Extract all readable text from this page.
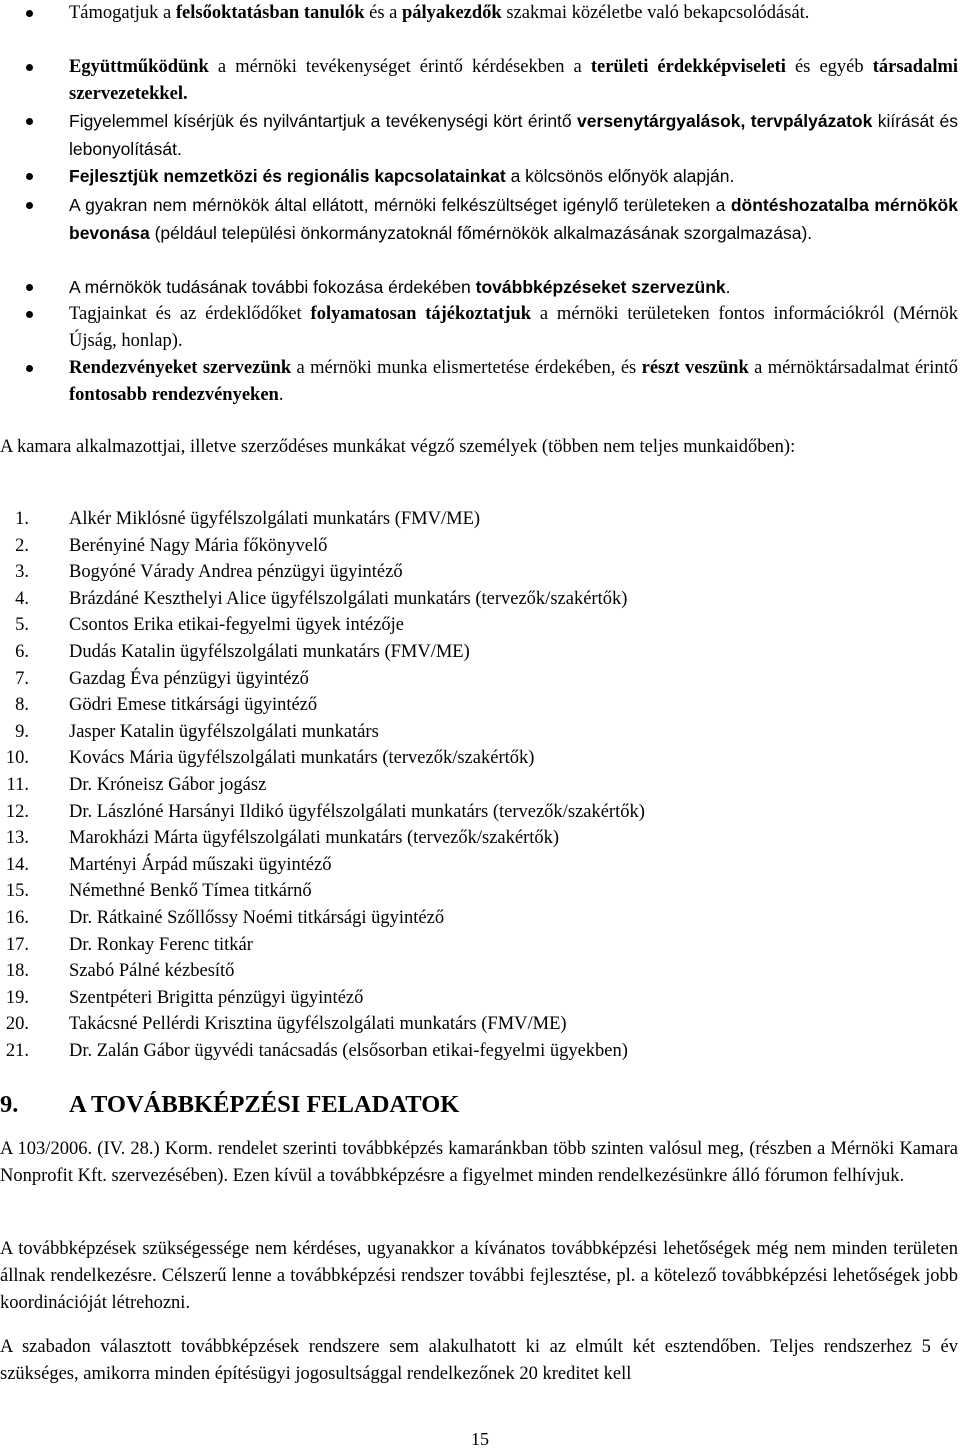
Támogatjuk a felsőoktatásban tanulók és a pályakezdők szakmai közéletbe való bekapcsolódását.
Együttműködünk a mérnöki tevékenységet érintő kérdésekben a területi érdekképviseleti és egyéb társadalmi szervezetekkel.
Figyelemmel kísérjük és nyilvántartjuk a tevékenységi kört érintő versenytárgyalások, tervpályázatok kiírását és lebonyolítását.
Fejlesztjük nemzetközi és regionális kapcsolatainkat a kölcsönös előnyök alapján.
A gyakran nem mérnökök által ellátott, mérnöki felkészültséget igénylő területeken a döntéshozatalba mérnökök bevonása (például települési önkormányzatoknál főmérnökök alkalmazásának szorgalmazása).
A mérnökök tudásának további fokozása érdekében továbbképzéseket szervezünk.
Tagjainkat és az érdeklődőket folyamatosan tájékoztatjuk a mérnöki területeken fontos információkról (Mérnök Újság, honlap).
Rendezvényeket szervezünk a mérnöki munka elismertetése érdekében, és részt veszünk a mérnöktársadalmat érintő fontosabb rendezvényeken.

A kamara alkalmazottjai, illetve szerződéses munkákat végző személyek (többen nem teljes munkaidőben):

1. Alkér Miklósné ügyfélszolgálati munkatárs (FMV/ME)
2. Berényiné Nagy Mária főkönyvelő
3. Bogyóné Várady Andrea pénzügyi ügyintéző
4. Brázdáné Keszthelyi Alice ügyfélszolgálati munkatárs (tervezők/szakértők)
5. Csontos Erika etikai-fegyelmi ügyek intézője
6. Dudás Katalin ügyfélszolgálati munkatárs (FMV/ME)
7. Gazdag Éva pénzügyi ügyintéző
8. Gödri Emese titkársági ügyintéző
9. Jasper Katalin ügyfélszolgálati munkatárs
10. Kovács Mária ügyfélszolgálati munkatárs (tervezők/szakértők)
11. Dr. Króneisz Gábor jogász
12. Dr. Lászlóné Harsányi Ildikó ügyfélszolgálati munkatárs (tervezők/szakértők)
13. Marokházi Márta ügyfélszolgálati munkatárs (tervezők/szakértők)
14. Martényi Árpád műszaki ügyintéző
15. Némethné Benkő Tímea titkárnő
16. Dr. Rátkainé Szőllőssy Noémi titkársági ügyintéző
17. Dr. Ronkay Ferenc titkár
18. Szabó Pálné kézbesítő
19. Szentpéteri Brigitta pénzügyi ügyintéző
20. Takácsné Pellérdi Krisztina ügyfélszolgálati munkatárs (FMV/ME)
21. Dr. Zalán Gábor ügyvédi tanácsadás (elsősorban etikai-fegyelmi ügyekben)
9. A TOVÁBBKÉPZÉSI FELADATOK

A 103/2006. (IV. 28.) Korm. rendelet szerinti továbbképzés kamaránkban több szinten valósul meg, (részben a Mérnöki Kamara Nonprofit Kft. szervezésében). Ezen kívül a továbbképzésre a figyelmet minden rendelkezésünkre álló fórumon felhívjuk.

A továbbképzések szükségessége nem kérdéses, ugyanakkor a kívánatos továbbképzési lehetőségek még nem minden területen állnak rendelkezésre. Célszerű lenne a továbbképzési rendszer további fejlesztése, pl. a kötelező továbbképzési lehetőségek jobb koordinációját létrehozni.

A szabadon választott továbbképzések rendszere sem alakulhatott ki az elmúlt két esztendőben. Teljes rendszerhez 5 év szükséges, amikorra minden építésügyi jogosultsággal rendelkezőnek 20 kreditet kell

15
